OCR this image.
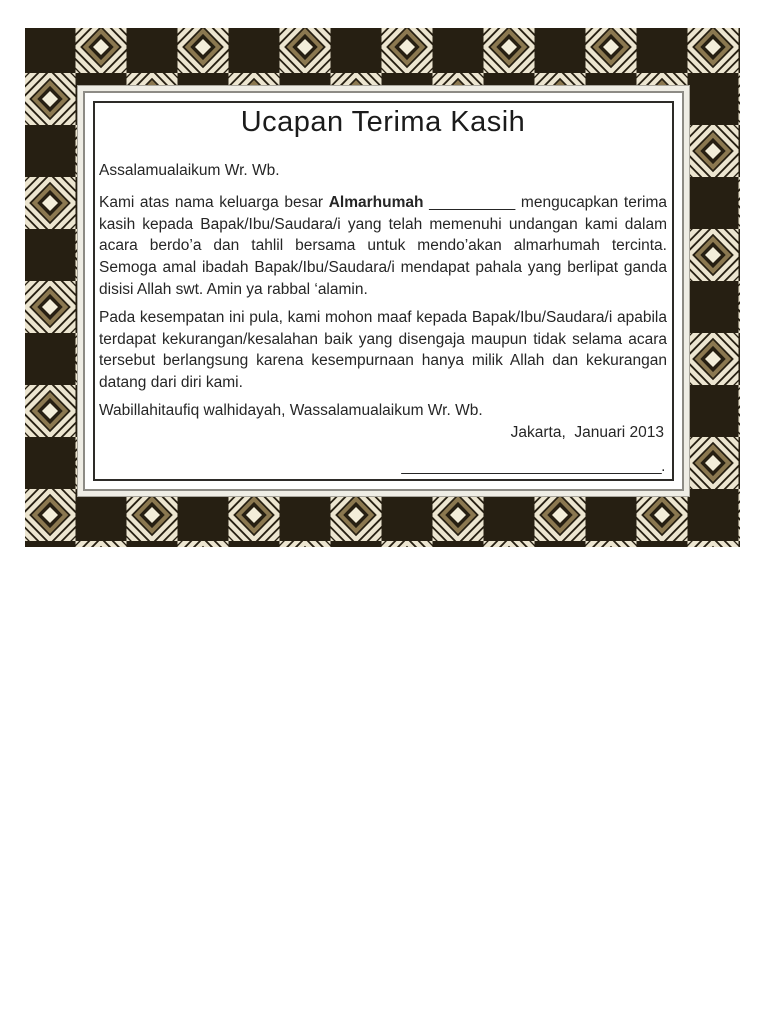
Ucapan Terima Kasih

Assalamualaikum Wr. Wb.

Kami atas nama keluarga besar Almarhumah __________ mengucapkan terima kasih kepada Bapak/Ibu/Saudara/i yang telah memenuhi undangan kami dalam acara berdo’a dan tahlil bersama untuk mendo’akan almarhumah tercinta. Semoga amal ibadah Bapak/Ibu/Saudara/i mendapat pahala yang berlipat ganda disisi Allah swt. Amin ya rabbal ‘alamin.

Pada kesempatan ini pula, kami mohon maaf kepada Bapak/Ibu/Saudara/i apabila terdapat kekurangan/kesalahan baik yang disengaja maupun tidak selama acara tersebut berlangsung karena kesempurnaan hanya milik Allah dan kekurangan datang dari diri kami.

Wabillahitaufiq walhidayah, Wassalamualaikum Wr. Wb.

Jakarta,  Januari 2013

________________________________.
